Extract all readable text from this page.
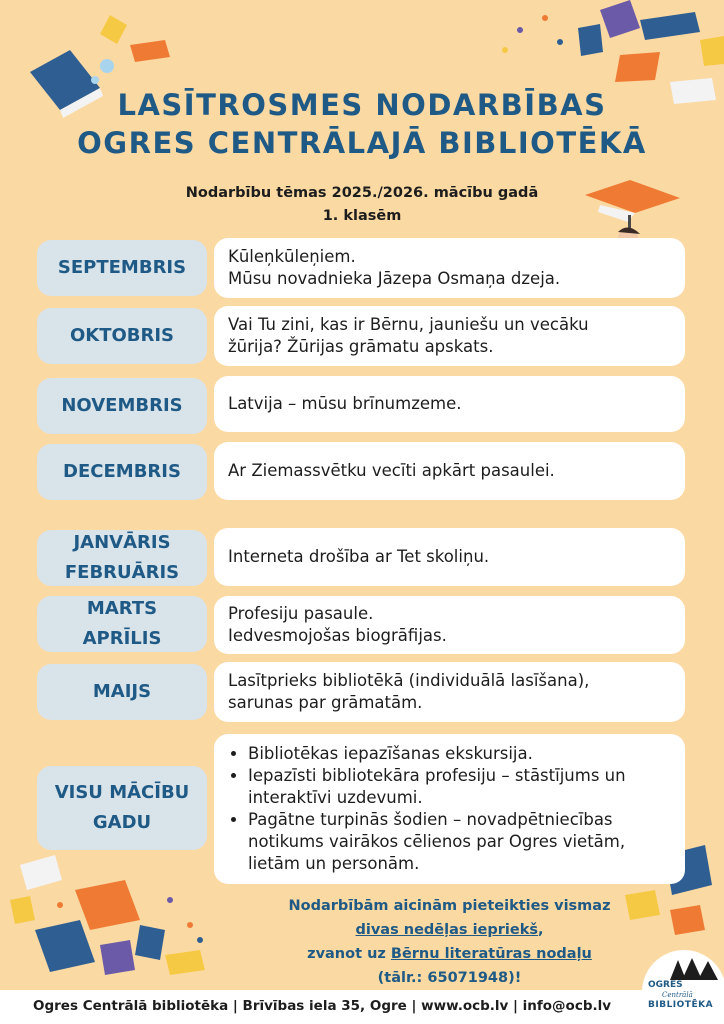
LASĪTROSMES NODARBĪBAS
OGRES CENTRĀLAJĀ BIBLIOTĒKĀ
Nodarbību tēmas 2025./2026. mācību gadā
1. klasēm
SEPTEMBRIS
Kūleņkūleņiem.
Mūsu novadnieka Jāzepa Osmaņa dzeja.
OKTOBRIS
Vai Tu zini, kas ir Bērnu, jauniešu un vecāku
žūrija? Žūrijas grāmatu apskats.
NOVEMBRIS	Latvija – mūsu brīnumzeme.
DECEMBRIS	Ar Ziemassvētku vecīti apkārt pasaulei.
JANVĀRIS
FEBRUĀRIS
Interneta drošība ar Tet skoliņu.
MARTS
APRĪLIS
Profesiju pasaule.
Iedvesmojošas biogrāfijas.
MAIJS
Lasītprieks bibliotēkā (individuālā lasīšana),
sarunas par grāmatām.
VISU MĀCĪBU
GADU
• Bibliotēkas iepazīšanas ekskursija.
• Iepazīsti bibliotekāra profesiju – stāstījums un
interaktīvi uzdevumi.
• Pagātne turpinās šodien – novadpētniecības
notikums vairākos cēlienos par Ogres vietām,
lietām un personām.
Nodarbībām aicinām pieteikties vismaz
divas nedēļas iepriekš,
zvanot uz Bērnu literatūras nodaļu
(tālr.: 65071948)!
Ogres Centrālā bibliotēka | Brīvības iela 35, Ogre | www.ocb.lv | info@ocb.lv
OGRES
Centrālā
BIBLIOTĒKA
